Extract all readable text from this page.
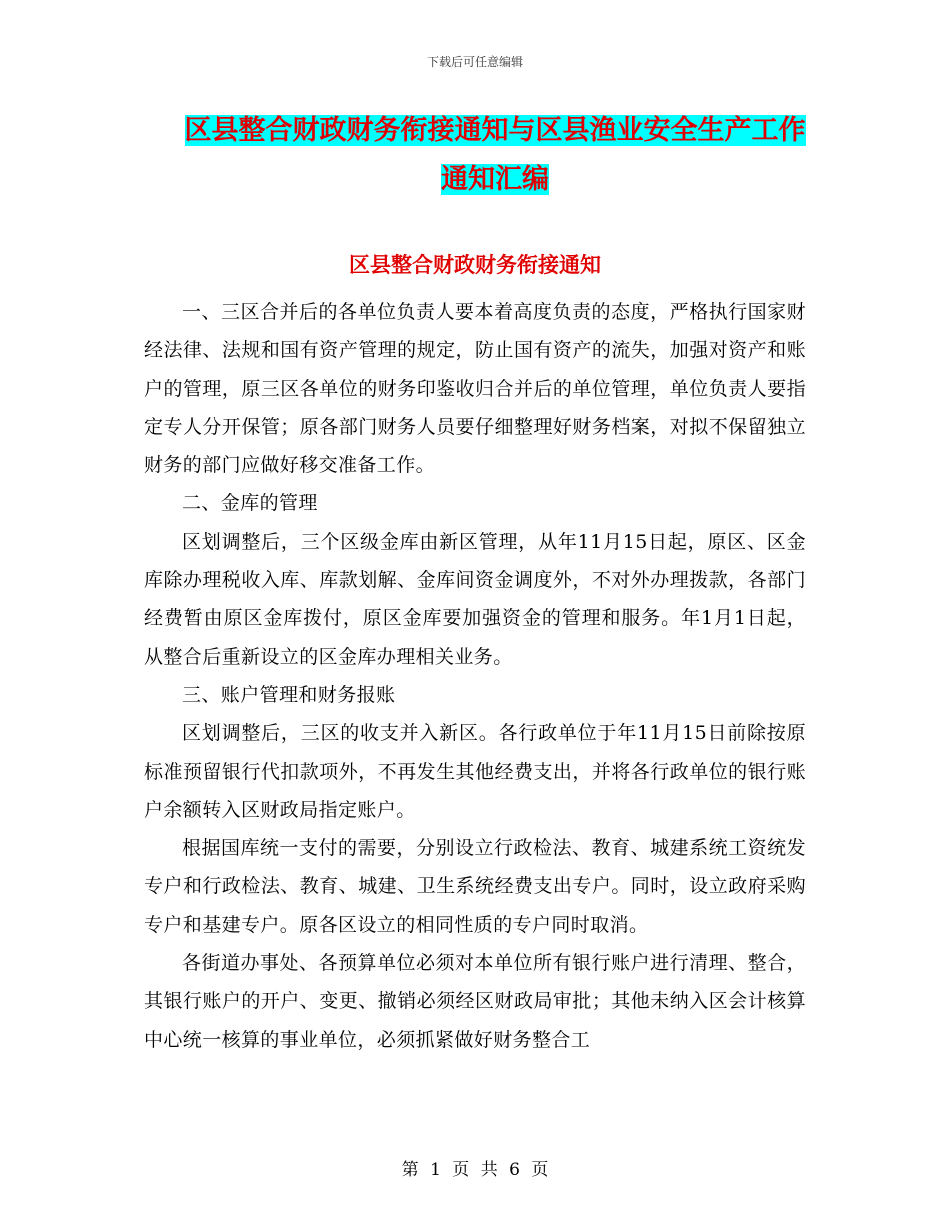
下载后可任意编辑
区县整合财政财务衔接通知与区县渔业安全生产工作
通知汇编
区县整合财政财务衔接通知

一、三区合并后的各单位负责人要本着高度负责的态度，严格执行国家财经法律、法规和国有资产管理的规定，防止国有资产的流失，加强对资产和账户的管理，原三区各单位的财务印鉴收归合并后的单位管理，单位负责人要指定专人分开保管；原各部门财务人员要仔细整理好财务档案，对拟不保留独立财务的部门应做好移交准备工作。

二、金库的管理

区划调整后，三个区级金库由新区管理，从年11月15日起，原区、区金库除办理税收入库、库款划解、金库间资金调度外，不对外办理拨款，各部门经费暂由原区金库拨付，原区金库要加强资金的管理和服务。年1月1日起，从整合后重新设立的区金库办理相关业务。

三、账户管理和财务报账

区划调整后，三区的收支并入新区。各行政单位于年11月15日前除按原标准预留银行代扣款项外，不再发生其他经费支出，并将各行政单位的银行账户余额转入区财政局指定账户。

根据国库统一支付的需要，分别设立行政检法、教育、城建系统工资统发专户和行政检法、教育、城建、卫生系统经费支出专户。同时，设立政府采购专户和基建专户。原各区设立的相同性质的专户同时取消。

各街道办事处、各预算单位必须对本单位所有银行账户进行清理、整合，其银行账户的开户、变更、撤销必须经区财政局审批；其他未纳入区会计核算中心统一核算的事业单位，必须抓紧做好财务整合工

第 1 页 共 6 页
